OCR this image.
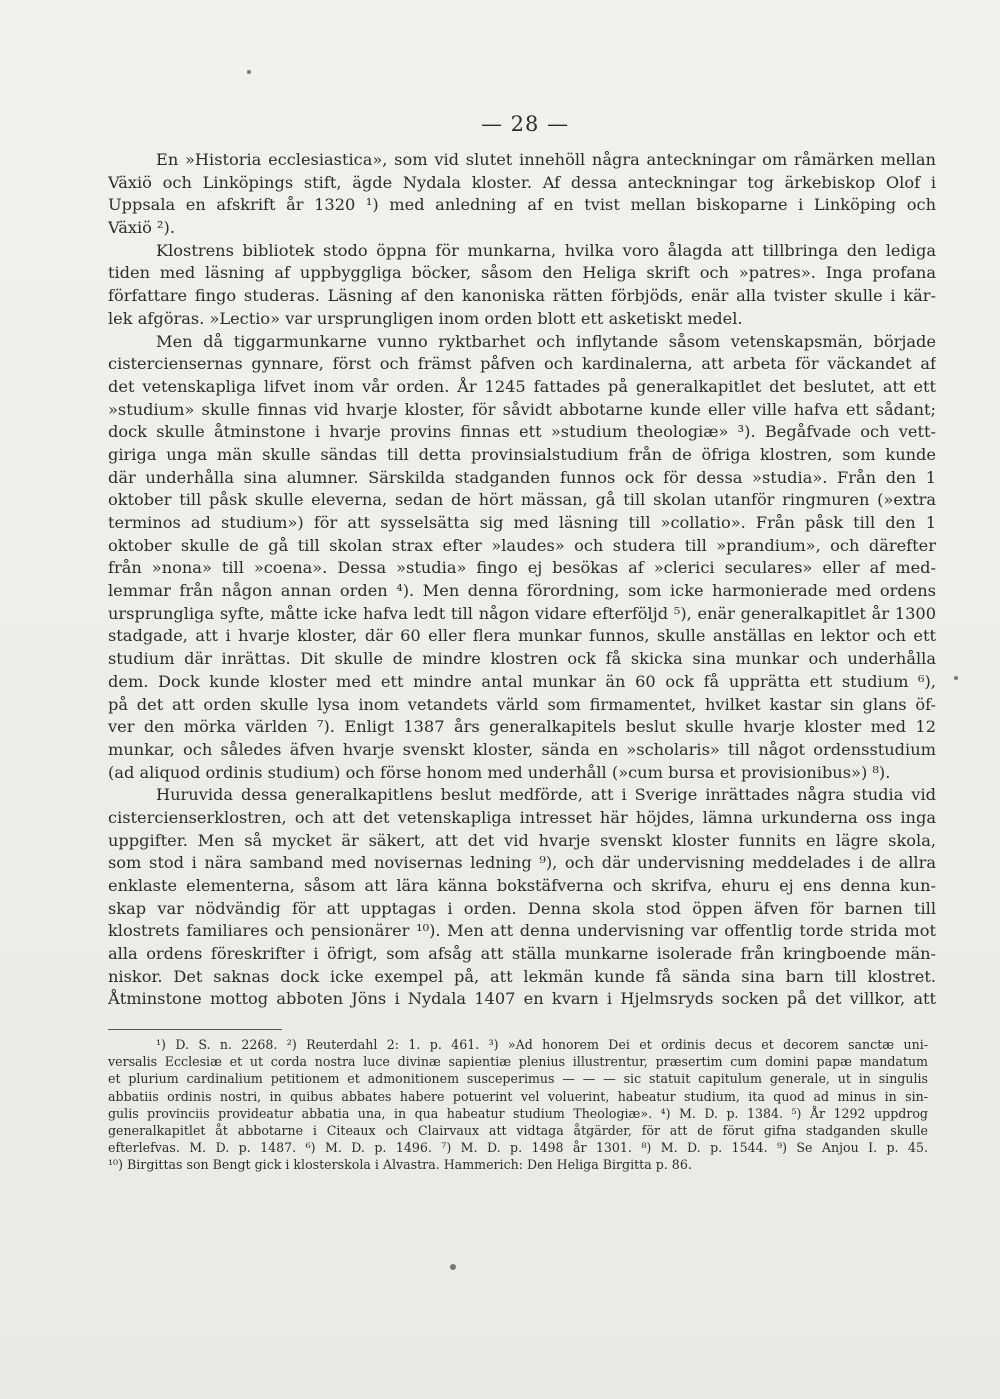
— 28 —
En »Historia ecclesiastica», som vid slutet innehöll några anteckningar om råmärken mellan
Växiö och Linköpings stift, ägde Nydala kloster. Af dessa anteckningar tog ärkebiskop Olof i
Uppsala en afskrift år 1320 ¹) med anledning af en tvist mellan biskoparne i Linköping och
Växiö ²).
Klostrens bibliotek stodo öppna för munkarna, hvilka voro ålagda att tillbringa den lediga
tiden med läsning af uppbyggliga böcker, såsom den Heliga skrift och »patres». Inga profana
författare fingo studeras. Läsning af den kanoniska rätten förbjöds, enär alla tvister skulle i kär-
lek afgöras. »Lectio» var ursprungligen inom orden blott ett asketiskt medel.
Men då tiggarmunkarne vunno ryktbarhet och inflytande såsom vetenskapsmän, började
cisterciensernas gynnare, först och främst påfven och kardinalerna, att arbeta för väckandet af
det vetenskapliga lifvet inom vår orden. År 1245 fattades på generalkapitlet det beslutet, att ett
»studium» skulle finnas vid hvarje kloster, för såvidt abbotarne kunde eller ville hafva ett sådant;
dock skulle åtminstone i hvarje provins finnas ett »studium theologiæ» ³). Begåfvade och vett-
giriga unga män skulle sändas till detta provinsialstudium från de öfriga klostren, som kunde
där underhålla sina alumner. Särskilda stadganden funnos ock för dessa »studia». Från den 1
oktober till påsk skulle eleverna, sedan de hört mässan, gå till skolan utanför ringmuren (»extra
terminos ad studium») för att sysselsätta sig med läsning till »collatio». Från påsk till den 1
oktober skulle de gå till skolan strax efter »laudes» och studera till »prandium», och därefter
från »nona» till »coena». Dessa »studia» fingo ej besökas af »clerici seculares» eller af med-
lemmar från någon annan orden ⁴). Men denna förordning, som icke harmonierade med ordens
ursprungliga syfte, måtte icke hafva ledt till någon vidare efterföljd ⁵), enär generalkapitlet år 1300
stadgade, att i hvarje kloster, där 60 eller flera munkar funnos, skulle anställas en lektor och ett
studium där inrättas. Dit skulle de mindre klostren ock få skicka sina munkar och underhålla
dem. Dock kunde kloster med ett mindre antal munkar än 60 ock få upprätta ett studium ⁶),
på det att orden skulle lysa inom vetandets värld som firmamentet, hvilket kastar sin glans öf-
ver den mörka världen ⁷). Enligt 1387 års generalkapitels beslut skulle hvarje kloster med 12
munkar, och således äfven hvarje svenskt kloster, sända en »scholaris» till något ordensstudium
(ad aliquod ordinis studium) och förse honom med underhåll (»cum bursa et provisionibus») ⁸).
Huruvida dessa generalkapitlens beslut medförde, att i Sverige inrättades några studia vid
cistercienserklostren, och att det vetenskapliga intresset här höjdes, lämna urkunderna oss inga
uppgifter. Men så mycket är säkert, att det vid hvarje svenskt kloster funnits en lägre skola,
som stod i nära samband med novisernas ledning ⁹), och där undervisning meddelades i de allra
enklaste elementerna, såsom att lära känna bokstäfverna och skrifva, ehuru ej ens denna kun-
skap var nödvändig för att upptagas i orden. Denna skola stod öppen äfven för barnen till
klostrets familiares och pensionärer ¹⁰). Men att denna undervisning var offentlig torde strida mot
alla ordens föreskrifter i öfrigt, som afsåg att ställa munkarne isolerade från kringboende män-
niskor. Det saknas dock icke exempel på, att lekmän kunde få sända sina barn till klostret.
Åtminstone mottog abboten Jöns i Nydala 1407 en kvarn i Hjelmsryds socken på det villkor, att
¹) D. S. n. 2268. ²) Reuterdahl 2: 1. p. 461. ³) »Ad honorem Dei et ordinis decus et decorem sanctæ uni-
versalis Ecclesiæ et ut corda nostra luce divinæ sapientiæ plenius illustrentur, præsertim cum domini papæ mandatum
et plurium cardinalium petitionem et admonitionem susceperimus — — — sic statuit capitulum generale, ut in singulis
abbatiis ordinis nostri, in quibus abbates habere potuerint vel voluerint, habeatur studium, ita quod ad minus in sin-
gulis provinciis provideatur abbatia una, in qua habeatur studium Theologiæ». ⁴) M. D. p. 1384. ⁵) År 1292 uppdrog
generalkapitlet åt abbotarne i Citeaux och Clairvaux att vidtaga åtgärder, för att de förut gifna stadganden skulle
efterlefvas. M. D. p. 1487. ⁶) M. D. p. 1496. ⁷) M. D. p. 1498 år 1301. ⁸) M. D. p. 1544. ⁹) Se Anjou I. p. 45.
¹⁰) Birgittas son Bengt gick i klosterskola i Alvastra. Hammerich: Den Heliga Birgitta p. 86.
